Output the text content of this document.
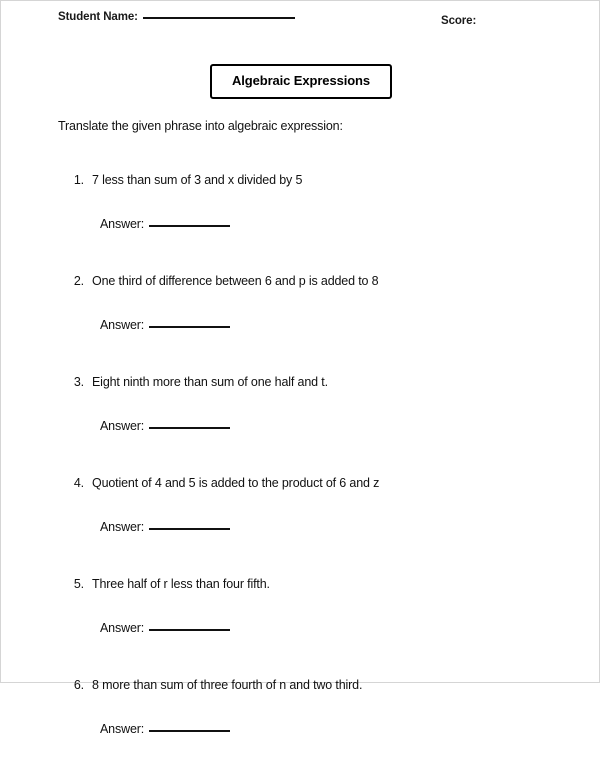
Student Name:	Score:
Algebraic Expressions
Translate the given phrase into algebraic expression:
1. 7 less than sum of 3 and x divided by 5
Answer:
2. One third of difference between 6 and p is added to 8
Answer:
3. Eight ninth more than sum of one half and t.
Answer:
4. Quotient of 4 and 5 is added to the product of 6 and z
Answer:
5. Three half of r less than four fifth.
Answer:
6. 8 more than sum of three fourth of n and two third.
Answer:
